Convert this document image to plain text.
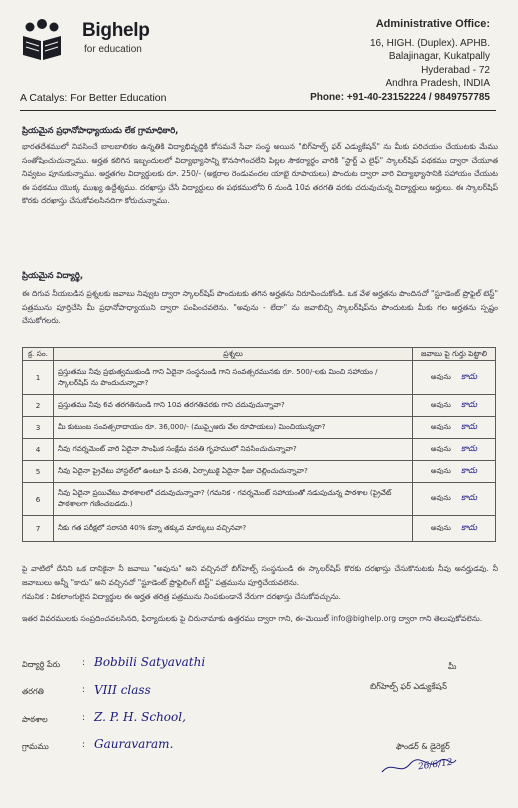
Bighelp
for education
A Catalys: For Better Education
Administrative Office:
16, HIGH. (Duplex). APHB.
Balajinagar, Kukatpally
Hyderabad - 72
Andhra Pradesh, INDIA
Phone: +91-40-23152224 / 9849757785
ప్రియమైన ప్రధానోపాధ్యాయుడు లేక గ్రామాధికారి,
భారతదేశములో నివసించే బాలబాలికల ఉన్నతికి విద్యాభివృద్ధికి కోసమనే సేవా సంస్థ అయిన "బిగ్‌హెల్ప్ ఫర్ ఎడ్యుకేషన్" ను మీకు పరిచయం చేయుటకు మేము సంతోషించుచున్నాము. అర్హత కలిగిన ఇబ్బందులలో విద్యాభ్యాసాన్ని కొనసాగించలేని పిల్లల సౌకర్యార్థం వారికి "స్టార్ట్ ఎ లైఫ్" స్కాలర్‌షిప్ పథకము ద్వారా చేయూత నివ్వటం పూనుకున్నాము. అర్హతగల విద్యార్థులకు రూ. 250/- (అక్షరాల రెండువందల యాభై రూపాయలు) పొందుట ద్వారా వారి విద్యాభ్యాసానికి సహాయం చేయుట ఈ పథకము యొక్క ముఖ్య ఉద్దేశ్యము. దరఖాస్తు చేసే విద్యార్థులు ఈ పథకములోని 6 నుండి 10వ తరగతి వరకు చదువుచున్న విద్యార్థులు అర్హులు. ఈ స్కాలర్‌షిప్ కొరకు దరఖాస్తు చేసుకోవలసినదిగా కోరుచున్నాము.
ప్రియమైన విద్యార్థి,
ఈ దిగువ నీయబడిన ప్రశ్నలకు జవాబు నివ్వుట ద్వారా స్కాలర్‌షిప్ పొందుటకు తగిన అర్హతను నిరూపించుకోండి. ఒక వేళ అర్హతను పొందినచో "స్టూడెంట్ ప్రొఫైల్ టెస్ట్" పత్రమును పూర్తిచేసి మీ ప్రధానోపాధ్యాయుని ద్వారా పంపించవలెను. "అవును - లేదా" ను జవాబిచ్చి స్కాలర్‌షిప్‌ను పొందుటకు మీకు గల అర్హతను స్పష్టం చేసుకోగలరు.
క్ర. సం.	ప్రశ్నలు	జవాబు పై గుర్తు పెట్టాలి
1	ప్రస్తుతము నీవు ప్రభుత్వముకుండి గాని ఏదైనా సంస్థనుండి గాని సంవత్సరమునకు రూ. 500/-లకు మించి సహాయం / స్కాలర్‌షిప్ ను పొందుచున్నావా?	అవును కాదు
2	ప్రస్తుతము నీవు 6వ తరగతినుండి గాని 10వ తరగతివరకు గాని చదువుచున్నావా?	అవును కాదు
3	మీ కుటుంబ సంవత్సరాదాయం రూ. 36,000/- (ముప్పైఆరు వేల రూపాయలు) మించియున్నదా?	అవును కాదు
4	నీవు గవర్నమెంట్ వారి ఏదైనా సాంఘిక సంక్షేమ వసతి గృహములో నివసించుచున్నావా?	అవును కాదు
5	నీవు ఏదైనా ప్రైవేటు హాస్టల్‌లో ఉంటూ ఫీ వసతి, ఏర్పాటుకై ఏదైనా ఫీజు చెల్లించుచున్నావా?	అవును కాదు
6	నీవు ఏదైనా ప్రయివేటు పాఠశాలలో చదువుచున్నావా? (గమనిక - గవర్నమెంట్ సహాయంతో నడుపుచున్న పాఠశాల (ప్రైవేట్ పాఠశాలగా గణించబడదు.)	అవును కాదు
7	నీకు గత పరీక్షలో సరాసరి 40% కన్నా తక్కువ మార్కులు వచ్చినవా?	అవును కాదు
పై వాటిలో దేనిని ఒక దానికైనా నీ జవాబు "అవును" అని వచ్చినచో బిగ్‌హెల్ప్ సంస్థనుండి ఈ స్కాలర్‌షిప్ కొరకు దరఖాస్తు చేసుకొనుటకు నీవు అనర్హుడవు. నీ జవాబులు అన్నీ "కాదు" అని వచ్చినచో "స్టూడెంట్ ప్రొఫైలింగ్ టెస్ట్" పత్రమును పూర్తిచేయవలెను.
గమనిక : వికలాంగులైన విద్యార్థుల ఈ అర్హత తరిత్ర పత్రమును నింపకుండానే నేరుగా దరఖాస్తు చేసుకోవచ్చును.
ఇతర వివరములకు సంప్రదించవలసినది, ఫిర్యాదులకు పై చిరునామాకు ఉత్తరము ద్వారా గాని, ఈ-మెయిల్ info@bighelp.org ద్వారా గాని తెలుపుకోవలెను.
విద్యార్థి పేరు : Bobbili Satyavathi
తరగతి	: VIII class
పాఠశాల	: Z. P. H. School,
గ్రామము	: Gauravaram.
మీ
బిగ్‌హెల్ప్ ఫర్ ఎడ్యుకేషన్
ఫౌండర్ & డైరెక్టర్
26/6/12
